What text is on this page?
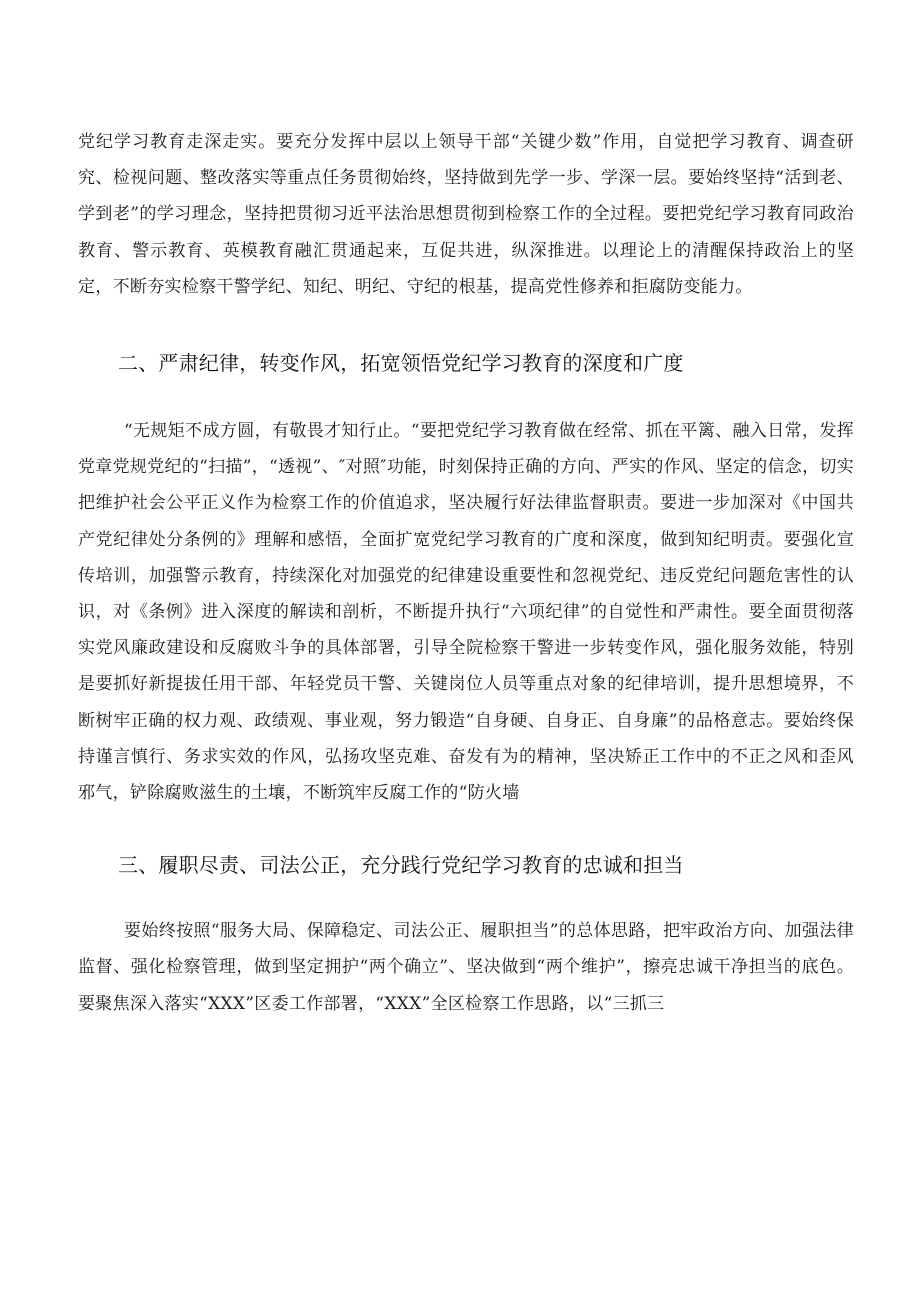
党纪学习教育走深走实。要充分发挥中层以上领导干部“关键少数”作用，自觉把学习教育、调查研究、检视问题、整改落实等重点任务贯彻始终，坚持做到先学一步、学深一层。要始终坚持“活到老、学到老”的学习理念，坚持把贯彻习近平法治思想贯彻到检察工作的全过程。要把党纪学习教育同政治教育、警示教育、英模教育融汇贯通起来，互促共进，纵深推进。以理论上的清醒保持政治上的坚定，不断夯实检察干警学纪、知纪、明纪、守纪的根基，提高党性修养和拒腐防变能力。

二、严肃纪律，转变作风，拓宽领悟党纪学习教育的深度和广度

“无规矩不成方圆，有敬畏才知行止。“要把党纪学习教育做在经常、抓在平篱、融入日常，发挥党章党规党纪的“扫描”，“透视”、″对照″功能，时刻保持正确的方向、严实的作风、坚定的信念，切实把维护社会公平正义作为检察工作的价值追求，坚决履行好法律监督职责。要进一步加深对《中国共产党纪律处分条例的》理解和感悟，全面扩宽党纪学习教育的广度和深度，做到知纪明责。要强化宣传培训，加强警示教育，持续深化对加强党的纪律建设重要性和忽视党纪、违反党纪问题危害性的认识，对《条例》进入深度的解读和剖析，不断提升执行“六项纪律”的自觉性和严肃性。要全面贯彻落实党风廉政建设和反腐败斗争的具体部署，引导全院检察干警进一步转变作风，强化服务效能，特别是要抓好新提拔任用干部、年轻党员干警、关键岗位人员等重点对象的纪律培训，提升思想境界，不断树牢正确的权力观、政绩观、事业观，努力锻造“自身硬、自身正、自身廉”的品格意志。要始终保持谨言慎行、务求实效的作风，弘扬攻坚克难、奋发有为的精神，坚决矫正工作中的不正之风和歪风邪气，铲除腐败滋生的土壤，不断筑牢反腐工作的“防火墙

三、履职尽责、司法公正，充分践行党纪学习教育的忠诚和担当

要始终按照“服务大局、保障稳定、司法公正、履职担当”的总体思路，把牢政治方向、加强法律监督、强化检察管理，做到坚定拥护“两个确立”、坚决做到“两个维护”，擦亮忠诚干净担当的底色。要聚焦深入落实“XXX”区委工作部署，“XXX”全区检察工作思路，以“三抓三
